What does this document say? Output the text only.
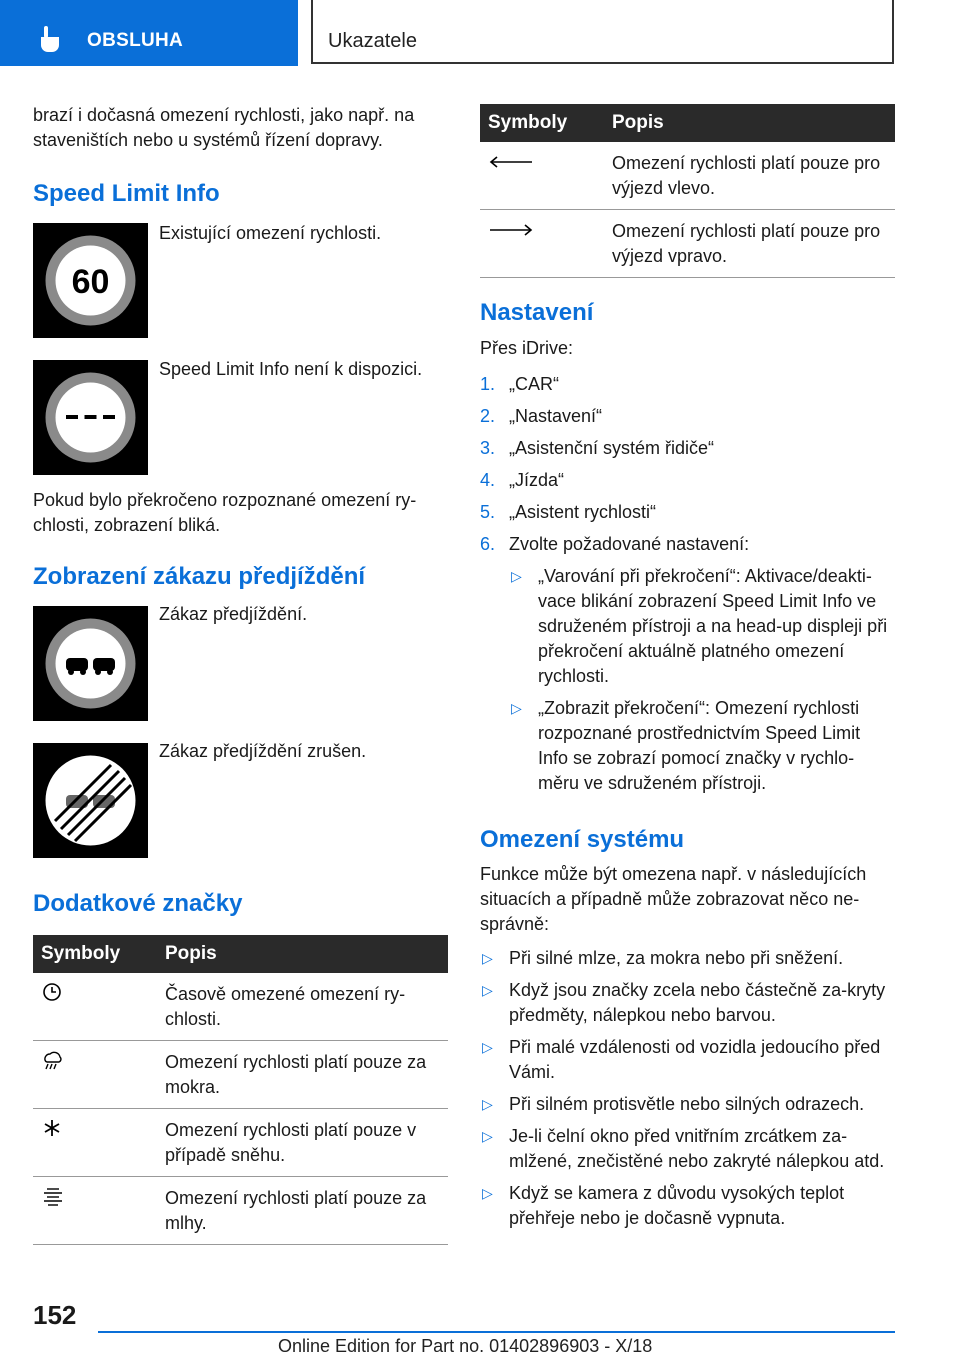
OBSLUHA	Ukazatele

brazí i dočasná omezení rychlosti, jako např. na staveništích nebo u systémů řízení dopravy.

Speed Limit Info
60
Existující omezení rychlosti.
Speed Limit Info není k dispozici.

Pokud bylo překročeno rozpoznané omezení ry-chlosti, zobrazení bliká.

Zobrazení zákazu předjíždění
Zákaz předjíždění.
Zákaz předjíždění zrušen.
Dodatkové značky
Symboly	Popis
	Časově omezené omezení ry-chlosti.
	Omezení rychlosti platí pouze za mokra.
	Omezení rychlosti platí pouze v případě sněhu.
	Omezení rychlosti platí pouze za mlhy.
Symboly	Popis
	Omezení rychlosti platí pouze pro výjezd vlevo.
	Omezení rychlosti platí pouze pro výjezd vpravo.
Nastavení

Přes iDrive:

1. „CAR“
2. „Nastavení“
3. „Asistenční systém řidiče“
4. „Jízda“
5. „Asistent rychlosti“
6. Zvolte požadované nastavení:
▷ „Varování při překročení“: Aktivace/deakti-vace blikání zobrazení Speed Limit Info ve sdruženém přístroji a na head-up displeji při překročení aktuálně platného omezení rychlosti.
▷ „Zobrazit překročení“: Omezení rychlosti rozpoznané prostřednictvím Speed Limit Info se zobrazí pomocí značky v rychlo-měru ve sdruženém přístroji.
Omezení systému

Funkce může být omezena např. v následujících situacích a případně může zobrazovat něco ne-správně:

▷ Při silné mlze, za mokra nebo při sněžení.
▷ Když jsou značky zcela nebo částečně za-kryty předměty, nálepkou nebo barvou.
▷ Při malé vzdálenosti od vozidla jedoucího před Vámi.
▷ Při silném protisvětle nebo silných odrazech.
▷ Je-li čelní okno před vnitřním zrcátkem za-mlžené, znečistěné nebo zakryté nálepkou atd.
▷ Když se kamera z důvodu vysokých teplot přehřeje nebo je dočasně vypnuta.
152
Online Edition for Part no. 01402896903 - X/18
